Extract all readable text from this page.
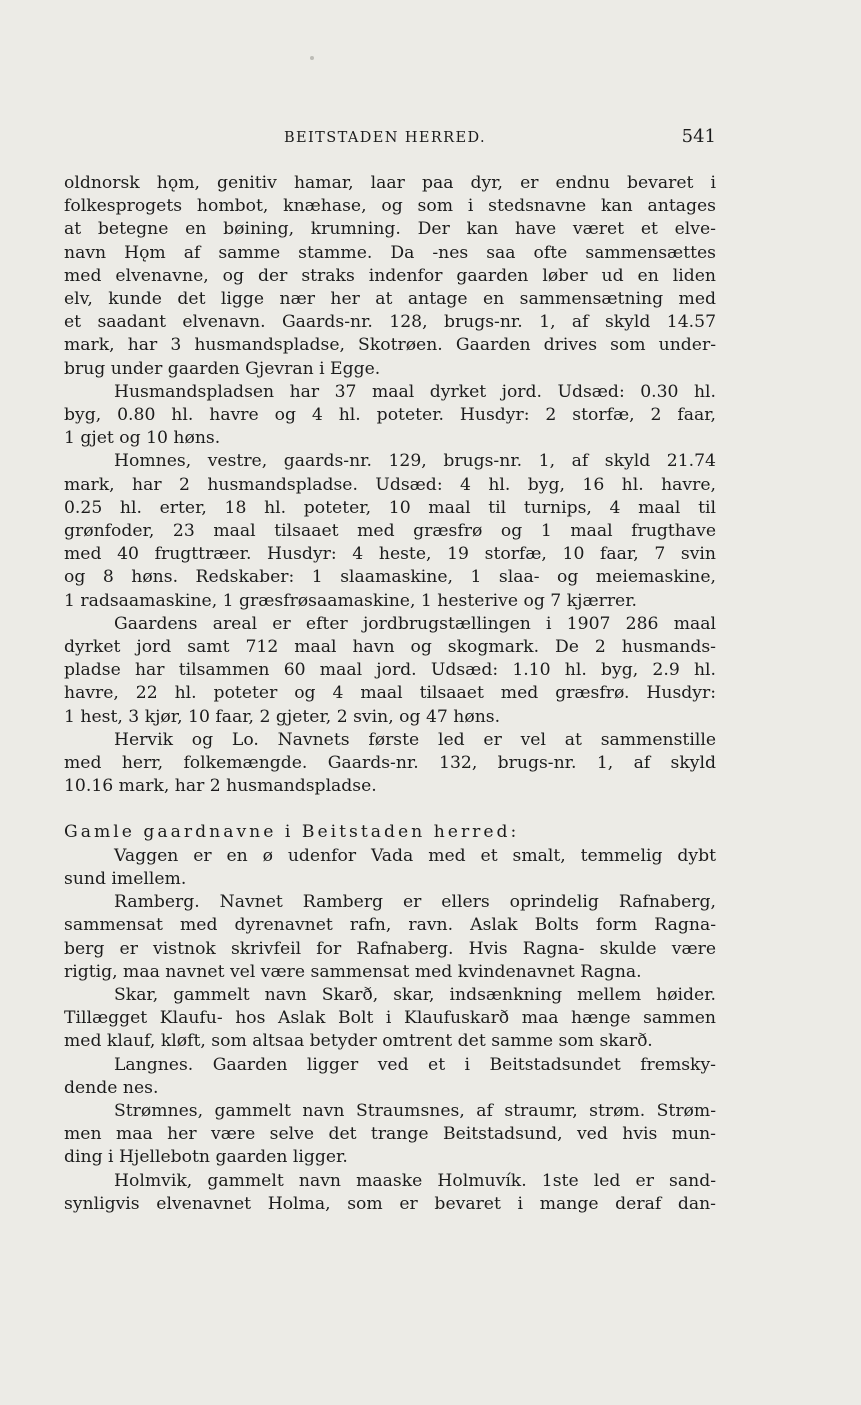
BEITSTADEN HERRED.	541
oldnorsk hǫm, genitiv hamar, laar paa dyr, er endnu bevaret i
folkesprogets hombot, knæhase, og som i stedsnavne kan antages
at betegne en bøining, krumning. Der kan have været et elve-
navn Hǫm af samme stamme. Da -nes saa ofte sammensættes
med elvenavne, og der straks indenfor gaarden løber ud en liden
elv, kunde det ligge nær her at antage en sammensætning med
et saadant elvenavn. Gaards-nr. 128, brugs-nr. 1, af skyld 14.57
mark, har 3 husmandspladse, Skotrøen. Gaarden drives som under-
brug under gaarden Gjevran i Egge.
Husmandspladsen har 37 maal dyrket jord. Udsæd: 0.30 hl.
byg, 0.80 hl. havre og 4 hl. poteter. Husdyr: 2 storfæ, 2 faar,
1 gjet og 10 høns.
Homnes, vestre, gaards-nr. 129, brugs-nr. 1, af skyld 21.74
mark, har 2 husmandspladse. Udsæd: 4 hl. byg, 16 hl. havre,
0.25 hl. erter, 18 hl. poteter, 10 maal til turnips, 4 maal til
grønfoder, 23 maal tilsaaet med græsfrø og 1 maal frugthave
med 40 frugttræer. Husdyr: 4 heste, 19 storfæ, 10 faar, 7 svin
og 8 høns. Redskaber: 1 slaamaskine, 1 slaa- og meiemaskine,
1 radsaamaskine, 1 græsfrøsaamaskine, 1 hesterive og 7 kjærrer.
Gaardens areal er efter jordbrugstællingen i 1907 286 maal
dyrket jord samt 712 maal havn og skogmark. De 2 husmands-
pladse har tilsammen 60 maal jord. Udsæd: 1.10 hl. byg, 2.9 hl.
havre, 22 hl. poteter og 4 maal tilsaaet med græsfrø. Husdyr:
1 hest, 3 kjør, 10 faar, 2 gjeter, 2 svin, og 47 høns.
Hervik og Lo. Navnets første led er vel at sammenstille
med herr, folkemængde. Gaards-nr. 132, brugs-nr. 1, af skyld
10.16 mark, har 2 husmandspladse.
Gamle gaardnavne i Beitstaden herred:
Vaggen er en ø udenfor Vada med et smalt, temmelig dybt
sund imellem.
Ramberg. Navnet Ramberg er ellers oprindelig Rafnaberg,
sammensat med dyrenavnet rafn, ravn. Aslak Bolts form Ragna-
berg er vistnok skrivfeil for Rafnaberg. Hvis Ragna- skulde være
rigtig, maa navnet vel være sammensat med kvindenavnet Ragna.
Skar, gammelt navn Skarð, skar, indsænkning mellem høider.
Tillægget Klaufu- hos Aslak Bolt i Klaufuskarð maa hænge sammen
med klauf, kløft, som altsaa betyder omtrent det samme som skarð.
Langnes. Gaarden ligger ved et i Beitstadsundet fremsky-
dende nes.
Strømnes, gammelt navn Straumsnes, af straumr, strøm. Strøm-
men maa her være selve det trange Beitstadsund, ved hvis mun-
ding i Hjellebotn gaarden ligger.
Holmvik, gammelt navn maaske Holmuvík. 1ste led er sand-
synligvis elvenavnet Holma, som er bevaret i mange deraf dan-
